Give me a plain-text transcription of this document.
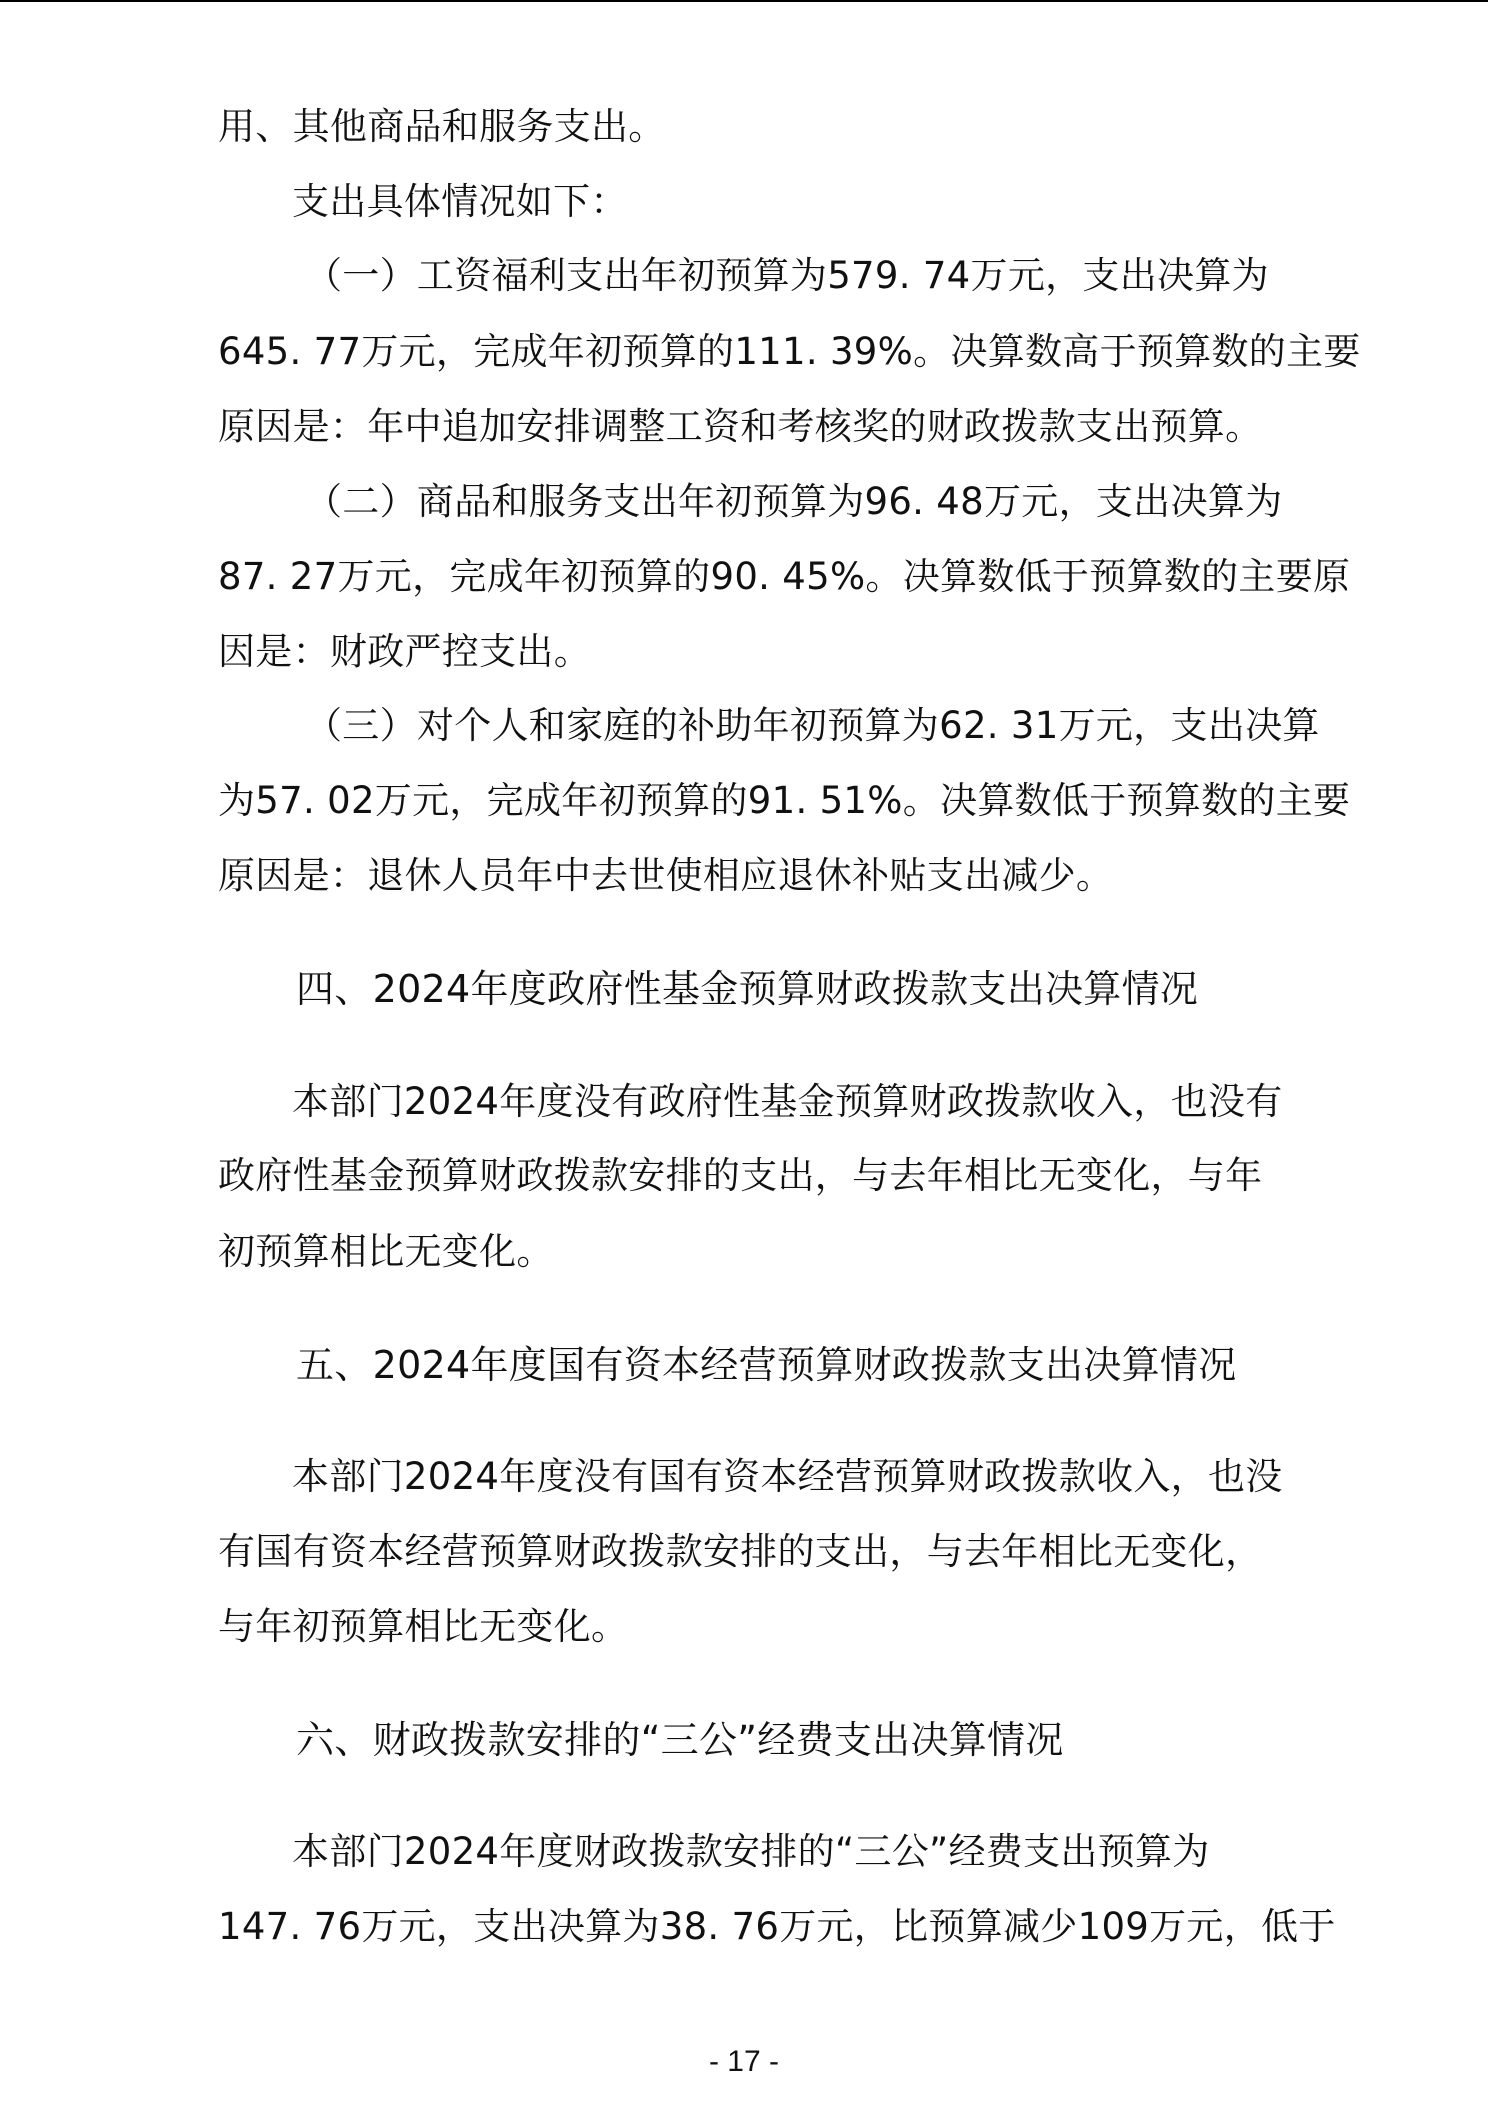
用、其他商品和服务支出。
支出具体情况如下：
（一）工资福利支出年初预算为579. 74万元，支出决算为
645. 77万元，完成年初预算的111. 39%。决算数高于预算数的主要
原因是：年中追加安排调整工资和考核奖的财政拨款支出预算。
（二）商品和服务支出年初预算为96. 48万元，支出决算为
87. 27万元，完成年初预算的90. 45%。决算数低于预算数的主要原
因是：财政严控支出。
（三）对个人和家庭的补助年初预算为62. 31万元，支出决算
为57. 02万元，完成年初预算的91. 51%。决算数低于预算数的主要
原因是：退休人员年中去世使相应退休补贴支出减少。
四、2024年度政府性基金预算财政拨款支出决算情况
本部门2024年度没有政府性基金预算财政拨款收入，也没有
政府性基金预算财政拨款安排的支出，与去年相比无变化，与年
初预算相比无变化。
五、2024年度国有资本经营预算财政拨款支出决算情况
本部门2024年度没有国有资本经营预算财政拨款收入，也没
有国有资本经营预算财政拨款安排的支出，与去年相比无变化，
与年初预算相比无变化。
六、财政拨款安排的“三公”经费支出决算情况
本部门2024年度财政拨款安排的“三公”经费支出预算为
147. 76万元，支出决算为38. 76万元，比预算减少109万元，低于
- 17 -
